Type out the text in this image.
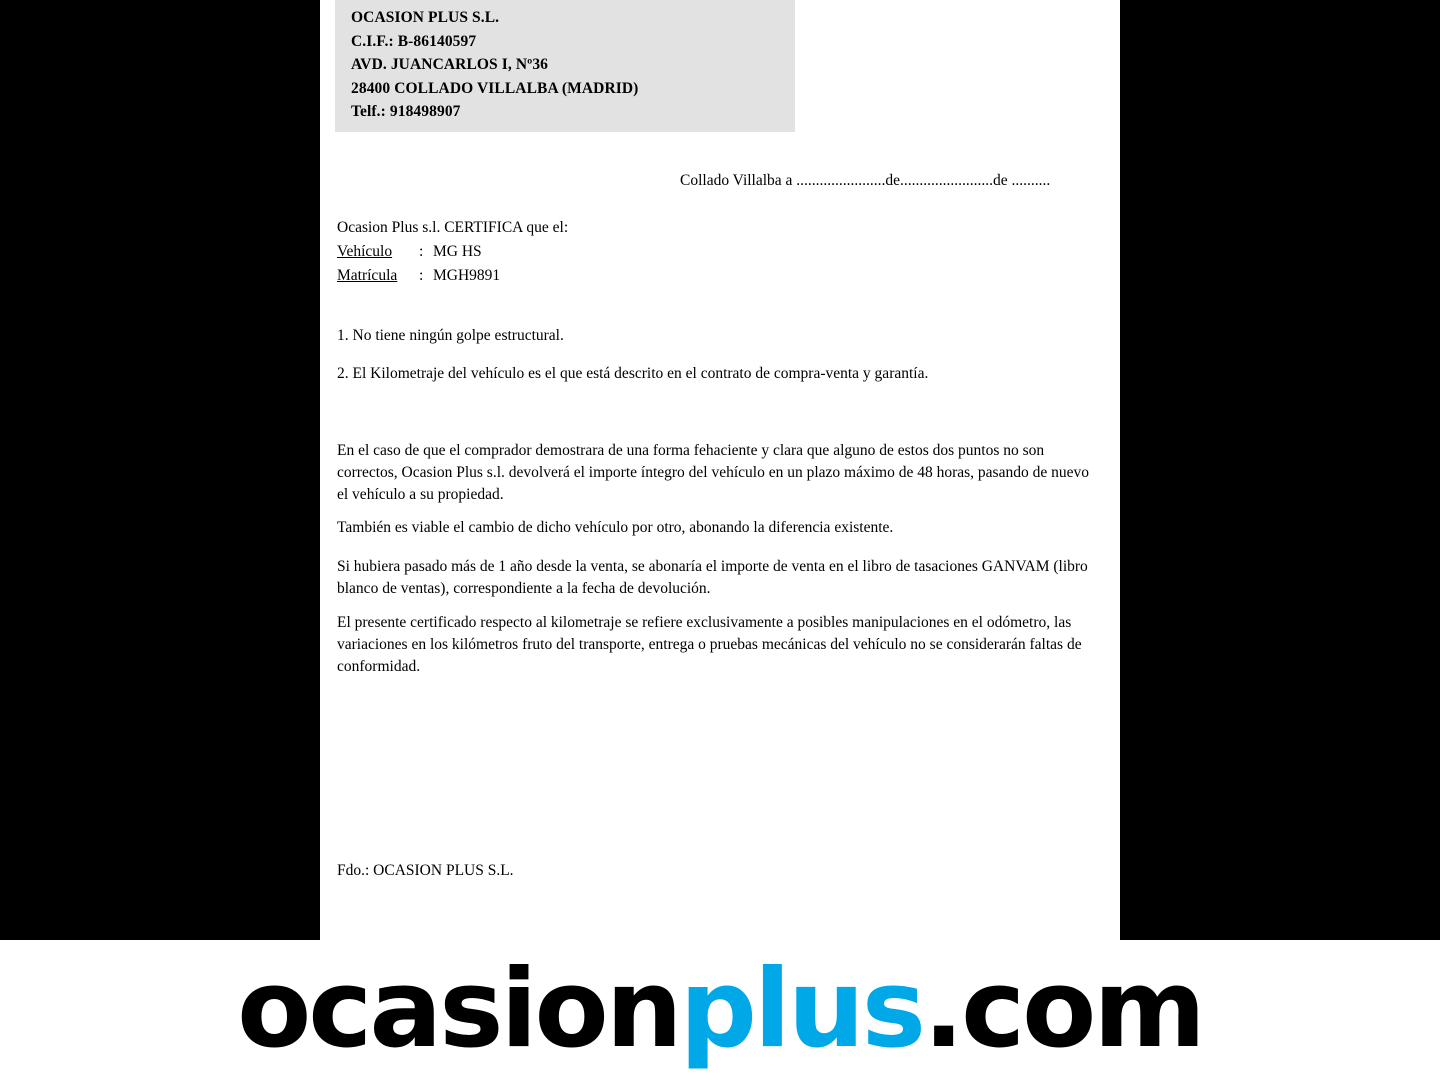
OCASION PLUS S.L.
C.I.F.: B-86140597
AVD. JUANCARLOS I, Nº36
28400 COLLADO VILLALBA (MADRID)
Telf.: 918498907
Collado Villalba a .......................de........................de ..........
Ocasion Plus s.l. CERTIFICA que el:
Vehículo	: MG HS
Matrícula	: MGH9891
1. No tiene ningún golpe estructural.
2. El Kilometraje del vehículo es el que está descrito en el contrato de compra-venta y garantía.
En el caso de que el comprador demostrara de una forma fehaciente y clara que alguno de estos dos puntos no son correctos, Ocasion Plus s.l. devolverá el importe íntegro del vehículo en un plazo máximo de 48 horas, pasando de nuevo el vehículo a su propiedad.
También es viable el cambio de dicho vehículo por otro, abonando la diferencia existente.
Si hubiera pasado más de 1 año desde la venta, se abonaría el importe de venta en el libro de tasaciones GANVAM (libro blanco de ventas), correspondiente a la fecha de devolución.
El presente certificado respecto al kilometraje se refiere exclusivamente a posibles manipulaciones en el odómetro, las variaciones en los kilómetros fruto del transporte, entrega o pruebas mecánicas del vehículo no se considerarán faltas de conformidad.
Fdo.: OCASION PLUS S.L.
ocasionplus.com
